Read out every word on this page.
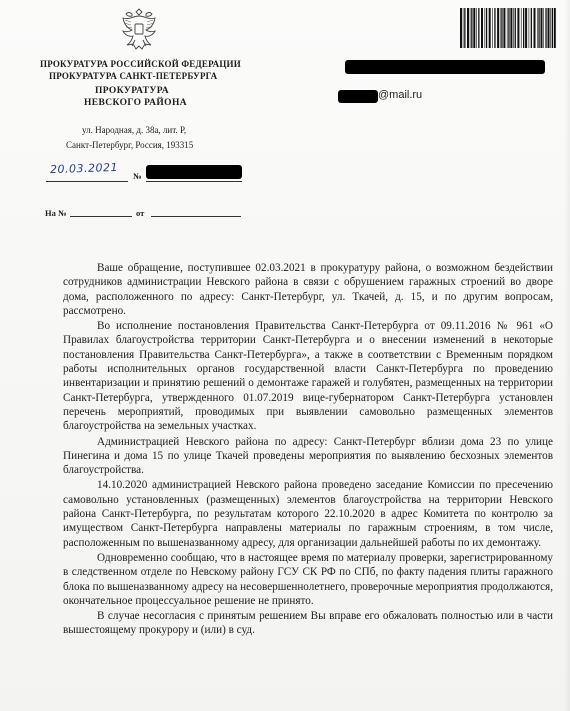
ПРОКУРАТУРА РОССИЙСКОЙ ФЕДЕРАЦИИ
ПРОКУРАТУРА САНКТ-ПЕТЕРБУРГА
ПРОКУРАТУРА
НЕВСКОГО РАЙОНА
ул. Народная, д. 38а, лит. Р,
Санкт-Петербург, Россия, 193315
@mail.ru
20.03.2021 №
На №	от

Ваше обращение, поступившее 02.03.2021 в прокуратуру района, о возможном бездействии сотрудников администрации Невского района в связи с обрушением гаражных строений во дворе дома, расположенного по адресу: Санкт-Петербург, ул. Ткачей, д. 15, и по другим вопросам, рассмотрено.

Во исполнение постановления Правительства Санкт-Петербурга от 09.11.2016 № 961 «О Правилах благоустройства территории Санкт-Петербурга и о внесении изменений в некоторые постановления Правительства Санкт-Петербурга», а также в соответствии с Временным порядком работы исполнительных органов государственной власти Санкт-Петербурга по проведению инвентаризации и принятию решений о демонтаже гаражей и голубятен, размещенных на территории Санкт-Петербурга, утвержденного 01.07.2019 вице-губернатором Санкт-Петербурга установлен перечень мероприятий, проводимых при выявлении самовольно размещенных элементов благоустройства на земельных участках.

Администрацией Невского района по адресу: Санкт-Петербург вблизи дома 23 по улице Пинегина и дома 15 по улице Ткачей проведены мероприятия по выявлению бесхозных элементов благоустройства.

14.10.2020 администрацией Невского района проведено заседание Комиссии по пресечению самовольно установленных (размещенных) элементов благоустройства на территории Невского района Санкт-Петербурга, по результатам которого 22.10.2020 в адрес Комитета по контролю за имуществом Санкт-Петербурга направлены материалы по гаражным строениям, в том числе, расположенным по вышеназванному адресу, для организации дальнейшей работы по их демонтажу.

Одновременно сообщаю, что в настоящее время по материалу проверки, зарегистрированному в следственном отделе по Невскому району ГСУ СК РФ по СПб, по факту падения плиты гаражного блока по вышеназванному адресу на несовершеннолетнего, проверочные мероприятия продолжаются, окончательное процессуальное решение не принято.

В случае несогласия с принятым решением Вы вправе его обжаловать полностью или в части вышестоящему прокурору и (или) в суд.
